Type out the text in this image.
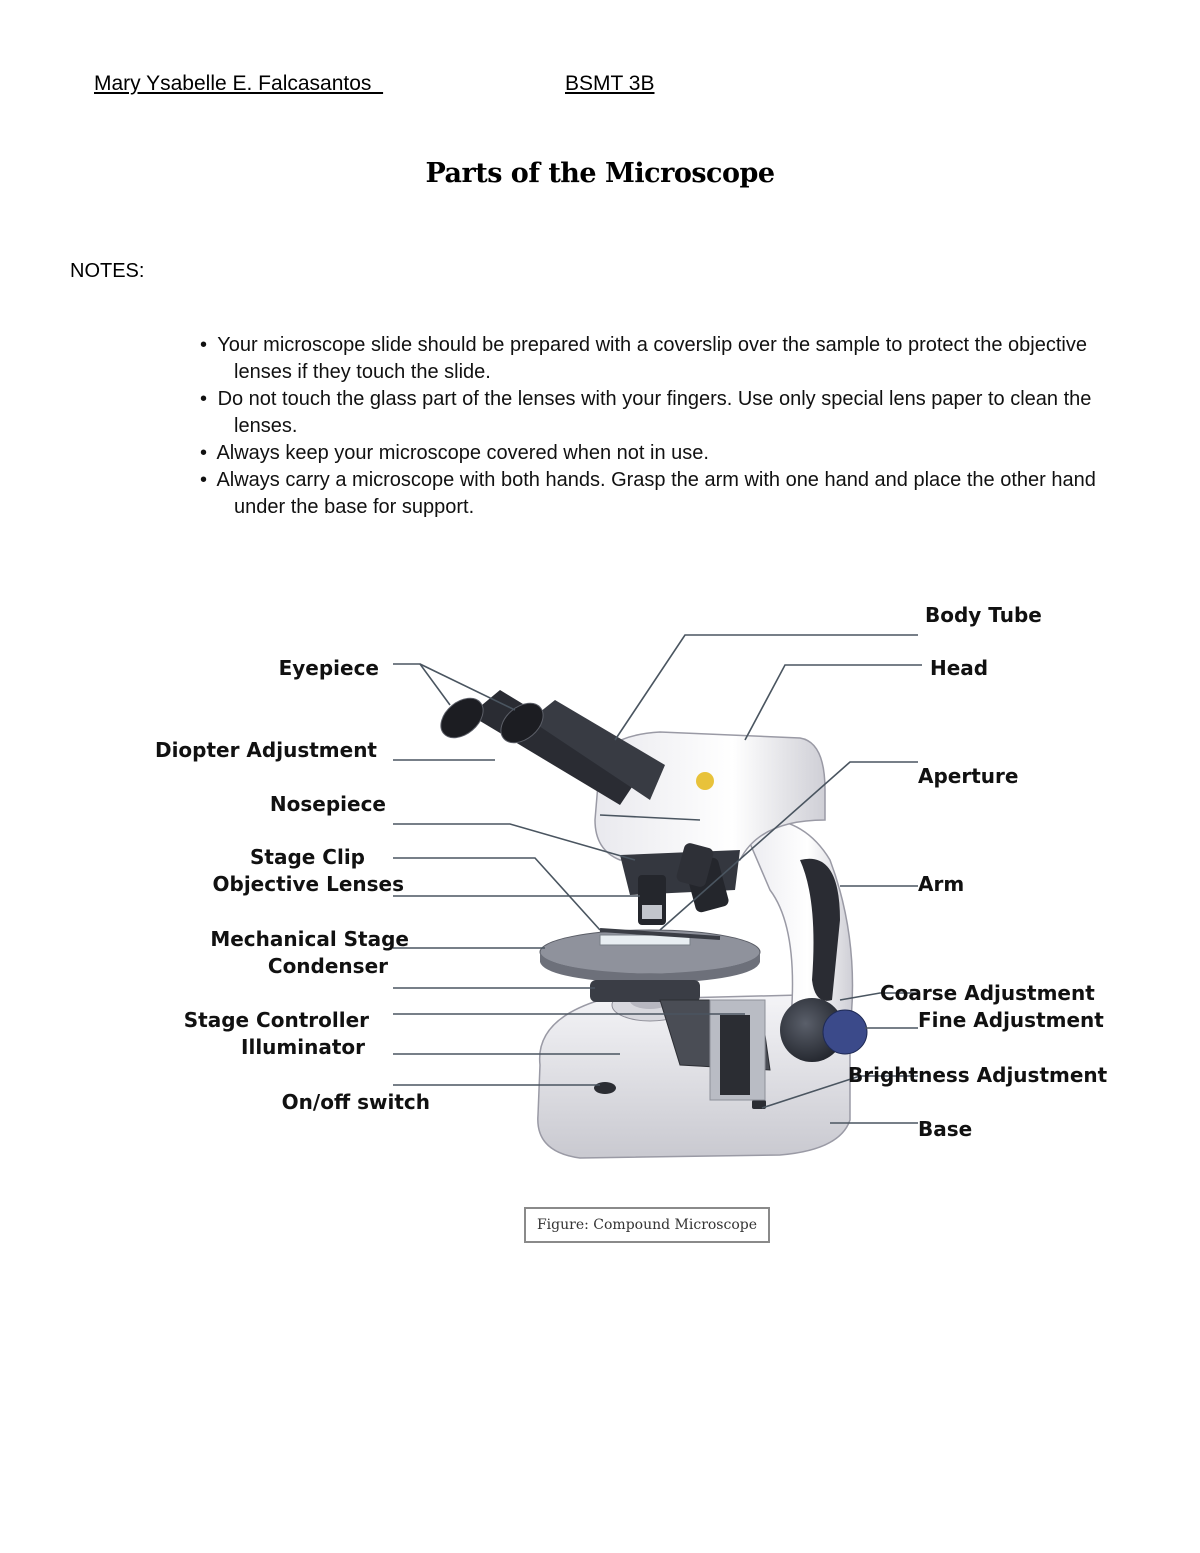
Mary Ysabelle E. Falcasantos	BSMT 3B
Parts of the Microscope
NOTES:
• Your microscope slide should be prepared with a coverslip over the sample to protect the objective lenses if they touch the slide.
• Do not touch the glass part of the lenses with your fingers. Use only special lens paper to clean the lenses.
• Always keep your microscope covered when not in use.
• Always carry a microscope with both hands. Grasp the arm with one hand and place the other hand under the base for support.
Body Tube
Eyepiece	Head
Diopter Adjustment
Aperture
Nosepiece
Stage Clip
Objective Lenses	Arm
Mechanical Stage
Condenser
Coarse Adjustment
Fine Adjustment
Stage Controller
Illuminator
Brightness Adjustment
On/off switch
Base
Figure: Compound Microscope
